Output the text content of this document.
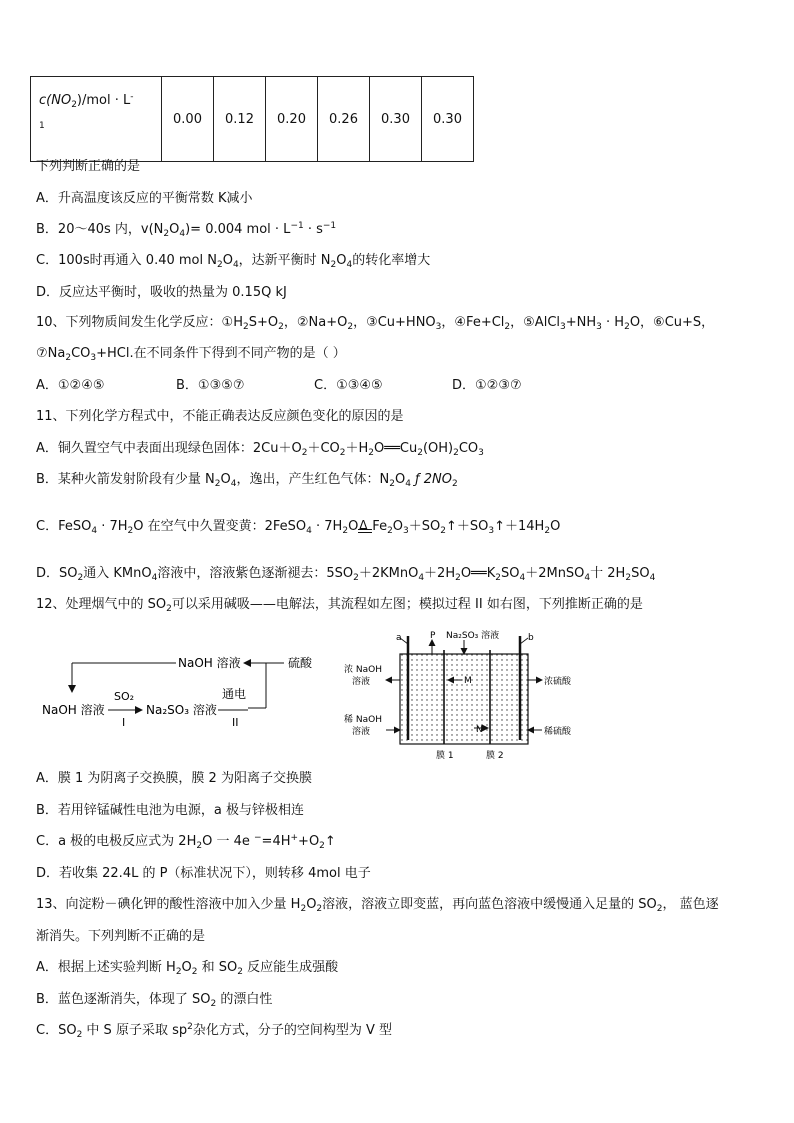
$c(NO_2)$/mol · L-
1	0.00	0.12	0.20	0.26	0.30	0.30
下列判断正确的是
A．升高温度该反应的平衡常数 K减小
B．20～40s 内，$v(N_2O_4)= 0.004$ mol · $L^{-1} \cdot s^{-1}$
C．100s时再通入 0.40 mol $N_2O_4$，达新平衡时 $N_2O_4$的转化率增大
D．反应达平衡时，吸收的热量为 0.15Q kJ
10、下列物质间发生化学反应：$①H_2S+O_2$，$②Na+O_2$，$③Cu+HNO_3$，$④Fe+Cl_2$，$⑤AlCl_3+NH_3 \cdot H_2O$，⑥Cu+S，
$⑦Na_2CO_3+HCl$.在不同条件下得到不同产物的是（ ）
A．①②④⑤	B．①③⑤⑦	C．①③④⑤	D．①②③⑦
11、下列化学方程式中，不能正确表达反应颜色变化的原因的是
A．铜久置空气中表面出现绿色固体：$2Cu+O_2+CO_2+H_2O══Cu_2(OH)_2CO_3$
B．某种火箭发射阶段有少量 $N_2O_4$，逸出，产生红色气体：$N_2O_4$ ƒ $2NO_2$
C．FeSO$_4$ · $7H_2O$ 在空气中久置变黄：2FeSO$_4$ · $7H_2O$ Δ $Fe_2O_3+SO_2↑+SO_3↑+14H_2O$
D．$SO_2$通入 KMnO$_4$溶液中，溶液紫色逐渐褪去：$5SO_2+2KMnO_4+2H_2O══K_2SO_4+2MnSO_4$十 $2H_2SO_4$
12、处理烟气中的 $SO_2$可以采用碱吸——电解法，其流程如左图；模拟过程 II 如右图，下列推断正确的是
NaOH 溶液	硫酸
NaOH 溶液
SO₂
I
Na₂SO₃ 溶液
通电
II
a	b
P Na₂SO₃ 溶液
浓 NaOH
溶液
稀 NaOH
溶液
浓硫酸
稀硫酸
M
N
膜 1	膜 2
A．膜 1 为阴离子交换膜，膜 2 为阳离子交换膜
B．若用锌锰碱性电池为电源，a 极与锌极相连
C．a 极的电极反应式为 $2H_2O$ 一 4e $^-=4H^++O_2↑$
D．若收集 22.4L 的 P（标准状况下），则转移 4mol 电子
13、向淀粉－碘化钾的酸性溶液中加入少量 $H_2O_2$溶液，溶液立即变蓝，再向蓝色溶液中缓慢通入足量的 $SO_2$， 蓝色逐
渐消失。下列判断不正确的是
A．根据上述实验判断 $H_2O_2$ 和 $SO_2$ 反应能生成强酸
B．蓝色逐渐消失，体现了 $SO_2$ 的漂白性
C．$SO_2$ 中 S 原子采取 $sp^2$杂化方式，分子的空间构型为 V 型
